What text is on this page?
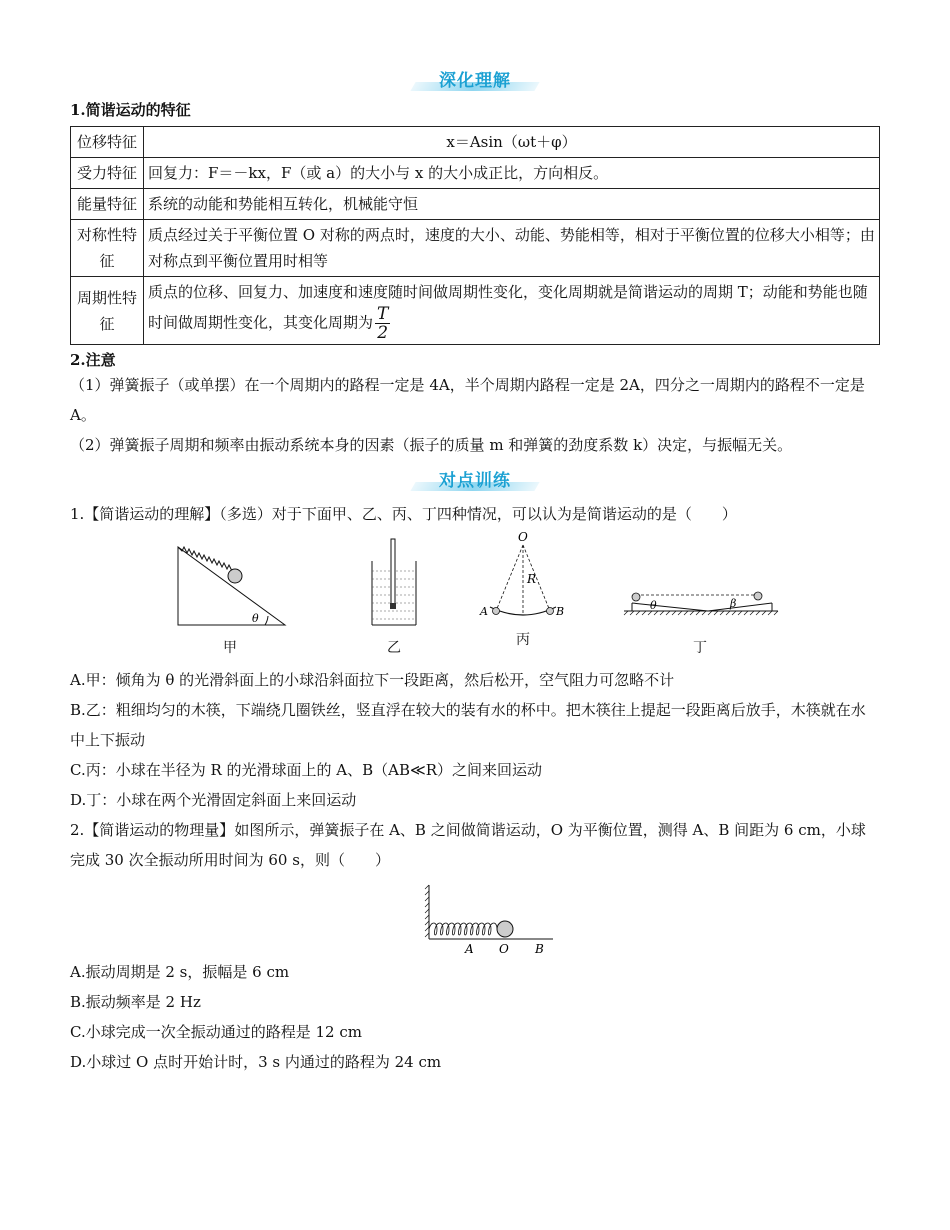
深化理解
1.简谐运动的特征
位移特征	x＝Asin（ωt＋φ）
受力特征	回复力：F＝－kx，F（或 a）的大小与 x 的大小成正比，方向相反。
能量特征	系统的动能和势能相互转化，机械能守恒
对称性特征	质点经过关于平衡位置 O 对称的两点时，速度的大小、动能、势能相等，相对于平衡位置的位移大小相等；由对称点到平衡位置用时相等
周期性特征	质点的位移、回复力、加速度和速度随时间做周期性变化，变化周期就是简谐运动的周期 T；动能和势能也随时间做周期性变化，其变化周期为 $\frac{T}{2}$
2.注意

（1）弹簧振子（或单摆）在一个周期内的路程一定是 4A，半个周期内路程一定是 2A，四分之一周期内的路程不一定是 A。

（2）弹簧振子周期和频率由振动系统本身的因素（振子的质量 m 和弹簧的劲度系数 k）决定，与振幅无关。

对点训练

1.【简谐运动的理解】（多选）对于下面甲、乙、丙、丁四种情况，可以认为是简谐运动的是（　　）

θ
甲	乙
O
R
A	B
丙
θ	β
丁

A.甲：倾角为 θ 的光滑斜面上的小球沿斜面拉下一段距离，然后松开，空气阻力可忽略不计

B.乙：粗细均匀的木筷，下端绕几圈铁丝，竖直浮在较大的装有水的杯中。把木筷往上提起一段距离后放手，木筷就在水中上下振动

C.丙：小球在半径为 R 的光滑球面上的 A、B（AB≪R）之间来回运动

D.丁：小球在两个光滑固定斜面上来回运动

2.【简谐运动的物理量】如图所示，弹簧振子在 A、B 之间做简谐运动，O 为平衡位置，测得 A、B 间距为 6 cm，小球完成 30 次全振动所用时间为 60 s，则（　　）

A O B

A.振动周期是 2 s，振幅是 6 cm

B.振动频率是 2 Hz

C.小球完成一次全振动通过的路程是 12 cm

D.小球过 O 点时开始计时，3 s 内通过的路程为 24 cm
